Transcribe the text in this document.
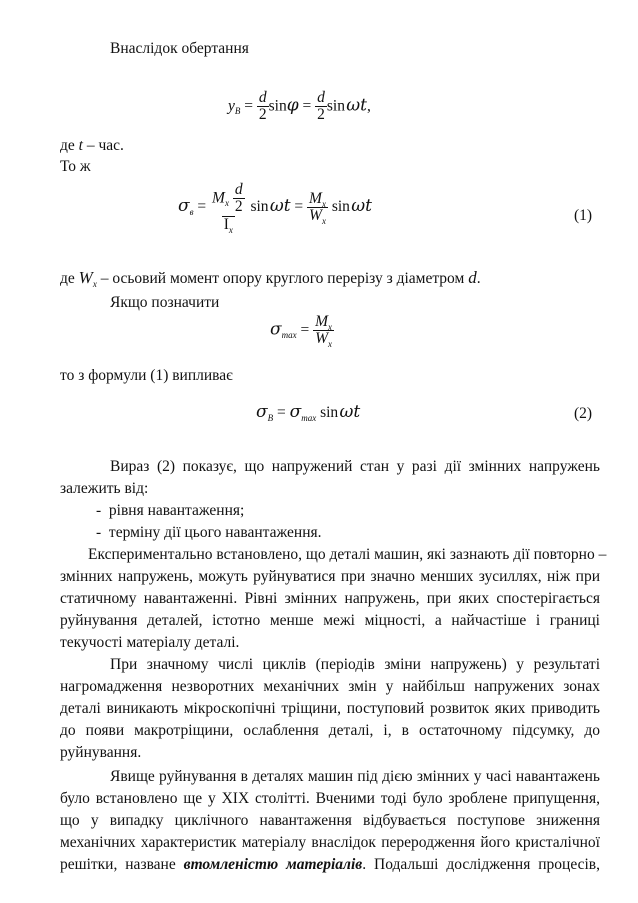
Внаслідок обертання
$y_B = \frac{d}{2}$ $\sin\varphi = \frac{d}{2}$ sin ωt,
де t – час.
То ж
$\sigma_в = \frac{M_x \frac{d}{2}}{I_x}$ sin $\omega t = \frac{M_x}{W_x}$ sin ωt	(1)
де $W_x$ – осьовий момент опору круглого перерізу з діаметром d.
Якщо позначити
$\sigma_{max} = \frac{M_x}{W_x}$
то з формули (1) випливає
$\sigma_B = \sigma_{max}$ sin ωt	(2)
Вираз (2) показує, що напружений стан у разі дії змінних напружень
залежить від:
-  рівня навантаження;
-  терміну дії цього навантаження.
Експериментально встановлено, що деталі машин, які зазнають дії повторно –
змінних напружень, можуть руйнуватися при значно менших зусиллях, ніж при
статичному навантаженні. Рівні змінних напружень, при яких спостерігається
руйнування деталей, істотно менше межі міцності, а найчастіше і границі
текучості матеріалу деталі.
При значному числі циклів (періодів зміни напружень) у результаті
нагромадження незворотних механічних змін у найбільш напружених зонах
деталі виникають мікроскопічні тріщини, поступовий розвиток яких приводить
до появи макротріщини, ослаблення деталі, і, в остаточному підсумку, до
руйнування.
Явище руйнування в деталях машин під дією змінних у часі навантажень
було встановлено ще у XIX столітті. Вченими тоді було зроблене припущення,
що у випадку циклічного навантаження відбувається поступове зниження
механічних характеристик матеріалу внаслідок переродження його кристалічної
решітки, назване втомленістю матеріалів. Подальші дослідження процесів,
